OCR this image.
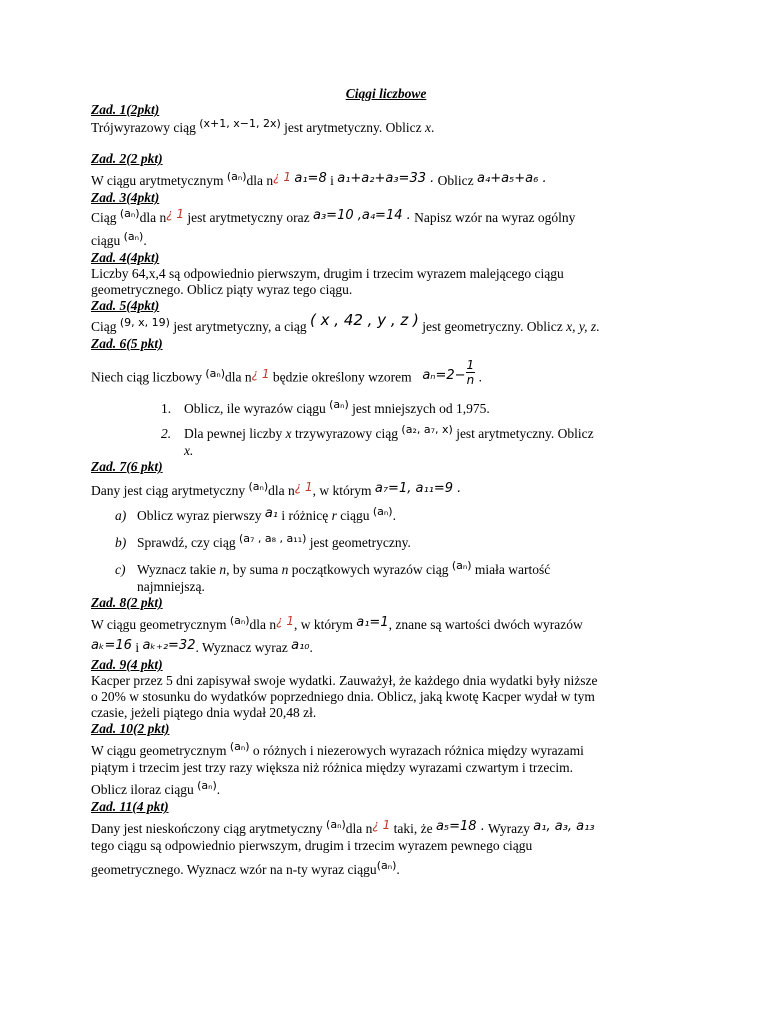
Ciągi liczbowe

Zad. 1(2pkt)

Trójwyrazowy ciąg $^{(x+1, x-1, 2x)}$ jest arytmetyczny. Oblicz x.

Zad. 2(2 pkt)

W ciągu arytmetycznym $^{(a_n)}$dla n¿ 1 a₁=8 i a₁+a₂+a₃=33 . Oblicz a₄+a₅+a₆ .

Zad. 3(4pkt)

Ciąg $^{(a_n)}$dla n¿ 1 jest arytmetyczny oraz a₃=10 ,a₄=14 . Napisz wzór na wyraz ogólny

ciągu $^{(a_n)}$.

Zad. 4(4pkt)

Liczby 64,x,4 są odpowiednio pierwszym, drugim i trzecim wyrazem malejącego ciągu

geometrycznego. Oblicz piąty wyraz tego ciągu.

Zad. 5(4pkt)

Ciąg $^{(9, x, 19)}$ jest arytmetyczny, a ciąg ( x , 42 , y , z ) jest geometryczny. Oblicz x, y, z.

Zad. 6(5 pkt)

Niech ciąg liczbowy $^{(a_n)}$dla n¿ 1 będzie określony wzorem $a_n=2- \frac{1}{n}$ .

1. Oblicz, ile wyrazów ciągu $^{(a_n)}$ jest mniejszych od 1,975.
2. Dla pewnej liczby x trzywyrazowy ciąg $^{(a_2, a_7, x)}$ jest arytmetyczny. Oblicz
x.

Zad. 7(6 pkt)

Dany jest ciąg arytmetyczny $^{(a_n)}$dla n¿ 1, w którym a₇=1, a₁₁=9 .

a) Oblicz wyraz pierwszy a₁ i różnicę r ciągu $^{(a_n)}$.
b) Sprawdź, czy ciąg $^{(a_7 , a_8 , a_{11})}$ jest geometryczny.
c) Wyznacz takie n, by suma n początkowych wyrazów ciąg $^{(a_n)}$ miała wartość
najmniejszą.

Zad. 8(2 pkt)

W ciągu geometrycznym $^{(a_n)}$dla n¿ 1, w którym a₁=1, znane są wartości dwóch wyrazów

aₖ=16 i aₖ₊₂=32. Wyznacz wyraz a₁₀.

Zad. 9(4 pkt)

Kacper przez 5 dni zapisywał swoje wydatki. Zauważył, że każdego dnia wydatki były niższe

o 20% w stosunku do wydatków poprzedniego dnia. Oblicz, jaką kwotę Kacper wydał w tym

czasie, jeżeli piątego dnia wydał 20,48 zł.

Zad. 10(2 pkt)

W ciągu geometrycznym $^{(a_n)}$ o różnych i niezerowych wyrazach różnica między wyrazami

piątym i trzecim jest trzy razy większa niż różnica między wyrazami czwartym i trzecim.

Oblicz iloraz ciągu $^{(a_n)}$.

Zad. 11(4 pkt)

Dany jest nieskończony ciąg arytmetyczny $^{(a_n)}$dla n¿ 1 taki, że a₅=18 . Wyrazy a₁, a₃, a₁₃

tego ciągu są odpowiednio pierwszym, drugim i trzecim wyrazem pewnego ciągu

geometrycznego. Wyznacz wzór na n-ty wyraz ciągu$^{(a_n)}$.
